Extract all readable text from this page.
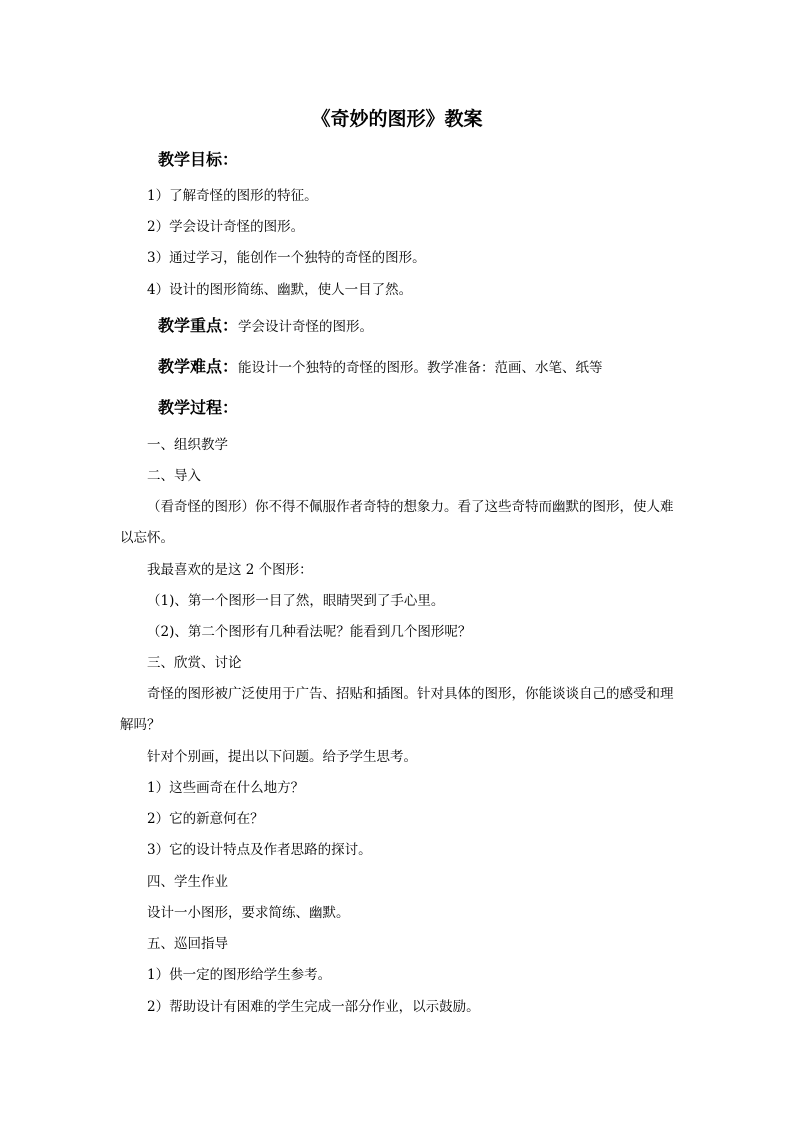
《奇妙的图形》教案
教学目标：
1）了解奇怪的图形的特征。
2）学会设计奇怪的图形。
3）通过学习，能创作一个独特的奇怪的图形。
4）设计的图形简练、幽默，使人一目了然。
教学重点：学会设计奇怪的图形。
教学难点：能设计一个独特的奇怪的图形。教学准备：范画、水笔、纸等
教学过程：
一、组织教学
二、导入
（看奇怪的图形）你不得不佩服作者奇特的想象力。看了这些奇特而幽默的图形，使人难以忘怀。
我最喜欢的是这 2 个图形：
（1)、第一个图形一目了然，眼睛哭到了手心里。
（2)、第二个图形有几种看法呢？能看到几个图形呢？
三、欣赏、讨论
奇怪的图形被广泛使用于广告、招贴和插图。针对具体的图形，你能谈谈自己的感受和理解吗？
针对个别画，提出以下问题。给予学生思考。
1）这些画奇在什么地方？
2）它的新意何在？
3）它的设计特点及作者思路的探讨。
四、学生作业
设计一小图形，要求简练、幽默。
五、巡回指导
1）供一定的图形给学生参考。
2）帮助设计有困难的学生完成一部分作业，以示鼓励。
